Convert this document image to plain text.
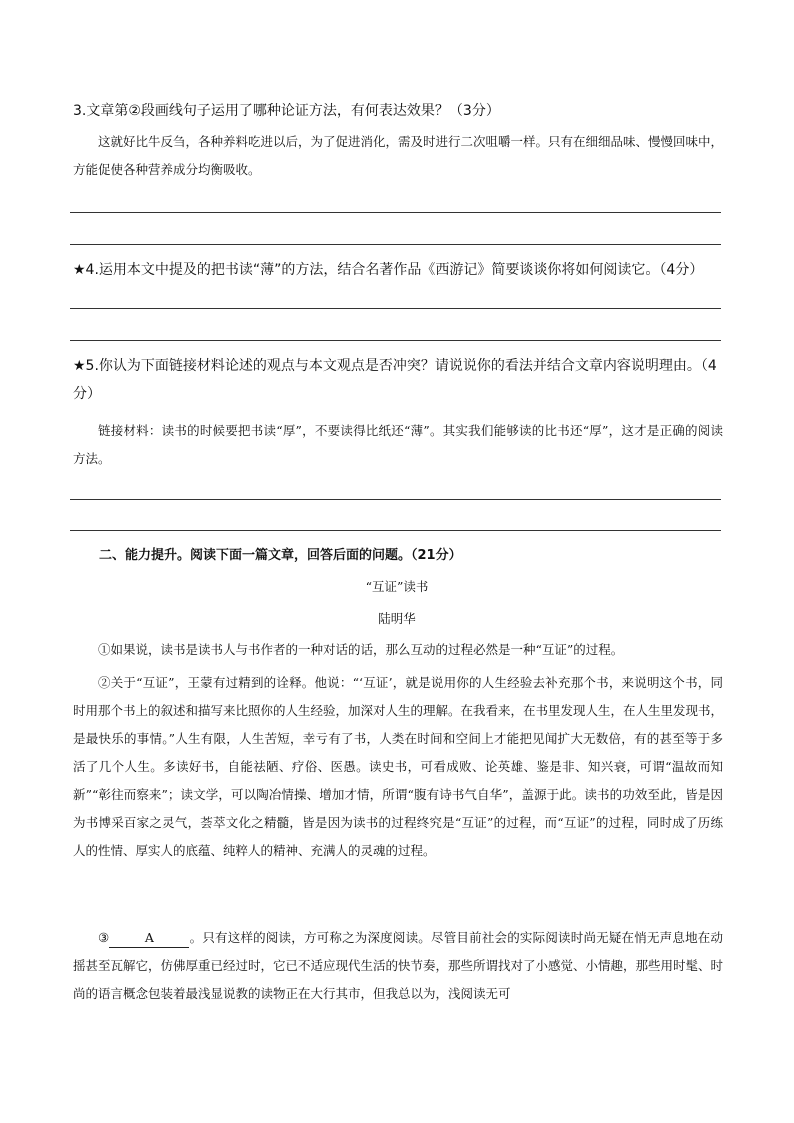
3.文章第②段画线句子运用了哪种论证方法，有何表达效果？（3分）
这就好比牛反刍，各种养料吃进以后，为了促进消化，需及时进行二次咀嚼一样。只有在细细品味、慢慢回味中，方能促使各种营养成分均衡吸收。
★4.运用本文中提及的把书读“薄”的方法，结合名著作品《西游记》简要谈谈你将如何阅读它。（4分）
★5.你认为下面链接材料论述的观点与本文观点是否冲突？请说说你的看法并结合文章内容说明理由。（4分）
链接材料：读书的时候要把书读“厚”，不要读得比纸还“薄”。其实我们能够读的比书还“厚”，这才是正确的阅读方法。
二、能力提升。阅读下面一篇文章，回答后面的问题。（21分）
“互证”读书
陆明华
①如果说，读书是读书人与书作者的一种对话的话，那么互动的过程必然是一种“互证”的过程。
②关于“互证”，王蒙有过精到的诠释。他说：“‘互证’，就是说用你的人生经验去补充那个书，来说明这个书，同时用那个书上的叙述和描写来比照你的人生经验，加深对人生的理解。在我看来，在书里发现人生，在人生里发现书，是最快乐的事情。”人生有限，人生苦短，幸亏有了书，人类在时间和空间上才能把见闻扩大无数倍，有的甚至等于多活了几个人生。多读好书，自能祛陋、疗俗、医愚。读史书，可看成败、论英雄、鉴是非、知兴衰，可谓“温故而知新”“彰往而察来”；读文学，可以陶冶情操、增加才情，所谓“腹有诗书气自华”，盖源于此。读书的功效至此，皆是因为书博采百家之灵气，荟萃文化之精髓，皆是因为读书的过程终究是“互证”的过程，而“互证”的过程，同时成了历练人的性情、厚实人的底蕴、纯粹人的精神、充满人的灵魂的过程。
③	A	。只有这样的阅读，方可称之为深度阅读。尽管目前社会的实际阅读时尚无疑在悄无声息地在动摇甚至瓦解它，仿佛厚重已经过时，它已不适应现代生活的快节奏，那些所谓找对了小感觉、小情趣，那些用时髦、时尚的语言概念包装着最浅显说教的读物正在大行其市，但我总以为，浅阅读无可
